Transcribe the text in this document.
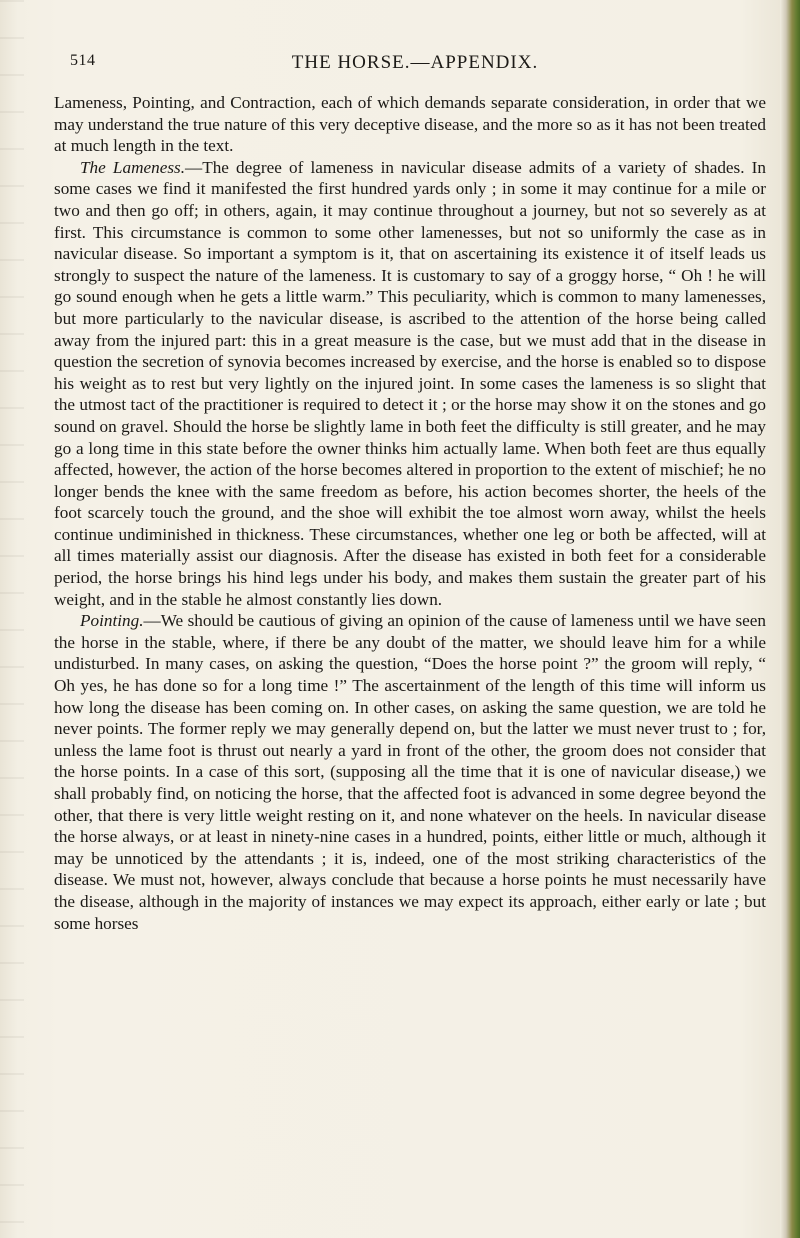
514	THE HORSE.—APPENDIX.

Lameness, Pointing, and Contraction, each of which demands separate consideration, in order that we may understand the true nature of this very deceptive disease, and the more so as it has not been treated at much length in the text.

The Lameness.—The degree of lameness in navicular disease admits of a variety of shades. In some cases we find it manifested the first hundred yards only ; in some it may continue for a mile or two and then go off; in others, again, it may continue throughout a journey, but not so severely as at first. This circumstance is common to some other lamenesses, but not so uniformly the case as in navicular disease. So important a symptom is it, that on ascertaining its existence it of itself leads us strongly to suspect the nature of the lameness. It is customary to say of a groggy horse, “ Oh ! he will go sound enough when he gets a little warm.” This peculiarity, which is common to many lamenesses, but more particularly to the navicular disease, is ascribed to the attention of the horse being called away from the injured part: this in a great measure is the case, but we must add that in the disease in question the secretion of synovia becomes increased by exercise, and the horse is enabled so to dispose his weight as to rest but very lightly on the injured joint. In some cases the lameness is so slight that the utmost tact of the practitioner is required to detect it ; or the horse may show it on the stones and go sound on gravel. Should the horse be slightly lame in both feet the difficulty is still greater, and he may go a long time in this state before the owner thinks him actually lame. When both feet are thus equally affected, however, the action of the horse becomes altered in proportion to the extent of mischief; he no longer bends the knee with the same freedom as before, his action becomes shorter, the heels of the foot scarcely touch the ground, and the shoe will exhibit the toe almost worn away, whilst the heels continue undiminished in thickness. These circumstances, whether one leg or both be affected, will at all times materially assist our diagnosis. After the disease has existed in both feet for a considerable period, the horse brings his hind legs under his body, and makes them sustain the greater part of his weight, and in the stable he almost constantly lies down.

Pointing.—We should be cautious of giving an opinion of the cause of lameness until we have seen the horse in the stable, where, if there be any doubt of the matter, we should leave him for a while undisturbed. In many cases, on asking the question, “Does the horse point ?” the groom will reply, “ Oh yes, he has done so for a long time !” The ascertainment of the length of this time will inform us how long the disease has been coming on. In other cases, on asking the same question, we are told he never points. The former reply we may generally depend on, but the latter we must never trust to ; for, unless the lame foot is thrust out nearly a yard in front of the other, the groom does not consider that the horse points. In a case of this sort, (supposing all the time that it is one of navicular disease,) we shall probably find, on noticing the horse, that the affected foot is advanced in some degree beyond the other, that there is very little weight resting on it, and none whatever on the heels. In navicular disease the horse always, or at least in ninety-nine cases in a hundred, points, either little or much, although it may be unnoticed by the attendants ; it is, indeed, one of the most striking characteristics of the disease. We must not, however, always conclude that because a horse points he must necessarily have the disease, although in the majority of instances we may expect its approach, either early or late ; but some horses
